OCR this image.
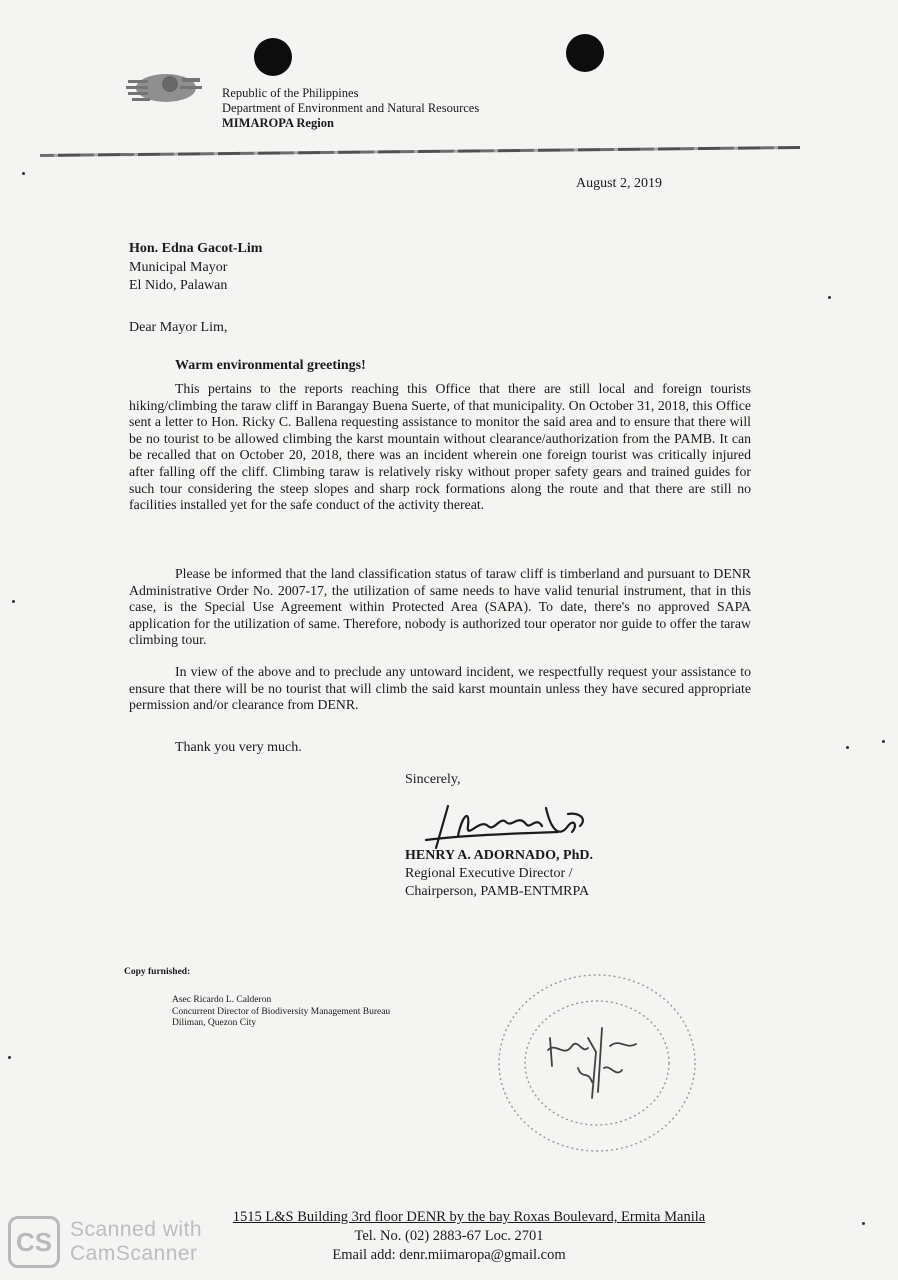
Republic of the Philippines
Department of Environment and Natural Resources
MIMAROPA Region
August 2, 2019
Hon. Edna Gacot-Lim
Municipal Mayor
El Nido, Palawan
Dear Mayor Lim,
Warm environmental greetings!
This pertains to the reports reaching this Office that there are still local and foreign tourists hiking/climbing the taraw cliff in Barangay Buena Suerte, of that municipality. On October 31, 2018, this Office sent a letter to Hon. Ricky C. Ballena requesting assistance to monitor the said area and to ensure that there will be no tourist to be allowed climbing the karst mountain without clearance/authorization from the PAMB. It can be recalled that on October 20, 2018, there was an incident wherein one foreign tourist was critically injured after falling off the cliff. Climbing taraw is relatively risky without proper safety gears and trained guides for such tour considering the steep slopes and sharp rock formations along the route and that there are still no facilities installed yet for the safe conduct of the activity thereat.
Please be informed that the land classification status of taraw cliff is timberland and pursuant to DENR Administrative Order No. 2007-17, the utilization of same needs to have valid tenurial instrument, that in this case, is the Special Use Agreement within Protected Area (SAPA). To date, there's no approved SAPA application for the utilization of same. Therefore, nobody is authorized tour operator nor guide to offer the taraw climbing tour.
In view of the above and to preclude any untoward incident, we respectfully request your assistance to ensure that there will be no tourist that will climb the said karst mountain unless they have secured appropriate permission and/or clearance from DENR.
Thank you very much.
Sincerely,
HENRY A. ADORNADO, PhD.
Regional Executive Director /
Chairperson, PAMB-ENTMRPA
Copy furnished:
Asec Ricardo L. Calderon
Concurrent Director of Biodiversity Management Bureau
Diliman, Quezon City
1515 L&S Building 3rd floor DENR by the bay Roxas Boulevard, Ermita Manila
Tel. No. (02) 2883-67 Loc. 2701
Email add: denr.miimaropa@gmail.com
CS Scanned with
CamScanner
